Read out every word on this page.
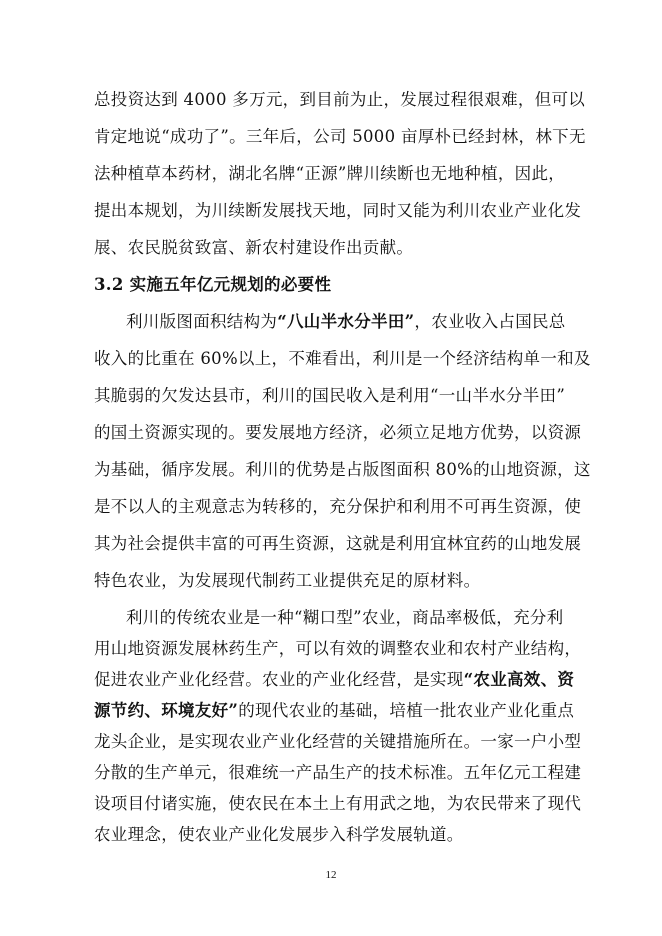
总投资达到 4000 多万元，到目前为止，发展过程很艰难，但可以
肯定地说“成功了”。三年后，公司 5000 亩厚朴已经封林，林下无
法种植草本药材，湖北名牌“正源”牌川续断也无地种植，因此，
提出本规划，为川续断发展找天地，同时又能为利川农业产业化发
展、农民脱贫致富、新农村建设作出贡献。
3.2 实施五年亿元规划的必要性
利川版图面积结构为“八山半水分半田”，农业收入占国民总
收入的比重在 60%以上，不难看出，利川是一个经济结构单一和及
其脆弱的欠发达县市，利川的国民收入是利用“一山半水分半田”
的国土资源实现的。要发展地方经济，必须立足地方优势，以资源
为基础，循序发展。利川的优势是占版图面积 80%的山地资源，这
是不以人的主观意志为转移的，充分保护和利用不可再生资源，使
其为社会提供丰富的可再生资源，这就是利用宜林宜药的山地发展
特色农业，为发展现代制药工业提供充足的原材料。
利川的传统农业是一种“糊口型”农业，商品率极低，充分利
用山地资源发展林药生产，可以有效的调整农业和农村产业结构，
促进农业产业化经营。农业的产业化经营，是实现“农业高效、资
源节约、环境友好”的现代农业的基础，培植一批农业产业化重点
龙头企业，是实现农业产业化经营的关键措施所在。一家一户小型
分散的生产单元，很难统一产品生产的技术标准。五年亿元工程建
设项目付诸实施，使农民在本土上有用武之地，为农民带来了现代
12
农业理念，使农业产业化发展步入科学发展轨道。
